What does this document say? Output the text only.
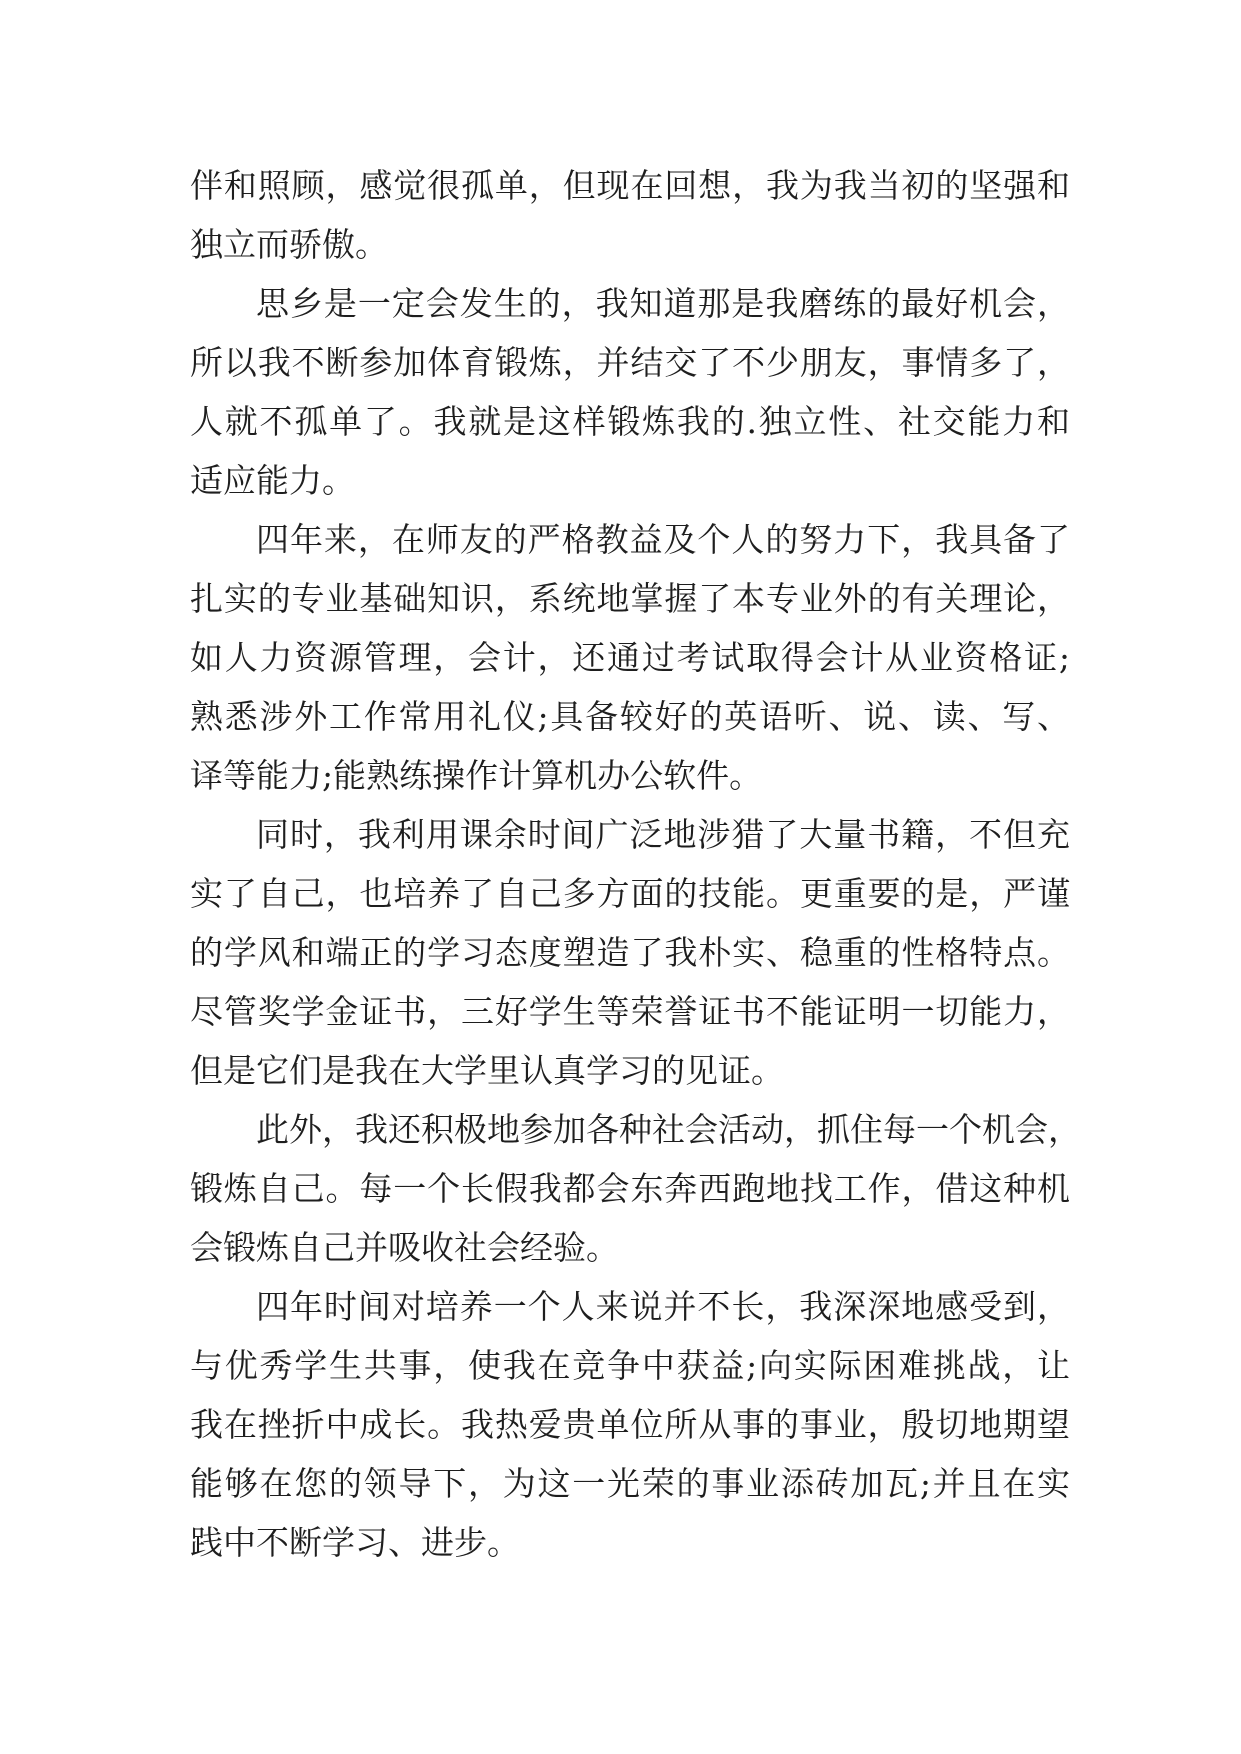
伴和照顾，感觉很孤单，但现在回想，我为我当初的坚强和
独立而骄傲。
思乡是一定会发生的，我知道那是我磨练的最好机会，
所以我不断参加体育锻炼，并结交了不少朋友，事情多了，
人就不孤单了。我就是这样锻炼我的.独立性、社交能力和
适应能力。
四年来，在师友的严格教益及个人的努力下，我具备了
扎实的专业基础知识，系统地掌握了本专业外的有关理论，
如人力资源管理，会计，还通过考试取得会计从业资格证;
熟悉涉外工作常用礼仪;具备较好的英语听、说、读、写、
译等能力;能熟练操作计算机办公软件。
同时，我利用课余时间广泛地涉猎了大量书籍，不但充
实了自己，也培养了自己多方面的技能。更重要的是，严谨
的学风和端正的学习态度塑造了我朴实、稳重的性格特点。
尽管奖学金证书，三好学生等荣誉证书不能证明一切能力，
但是它们是我在大学里认真学习的见证。
此外，我还积极地参加各种社会活动，抓住每一个机会，
锻炼自己。每一个长假我都会东奔西跑地找工作，借这种机
会锻炼自己并吸收社会经验。
四年时间对培养一个人来说并不长，我深深地感受到，
与优秀学生共事，使我在竞争中获益;向实际困难挑战，让
我在挫折中成长。我热爱贵单位所从事的事业，殷切地期望
能够在您的领导下，为这一光荣的事业添砖加瓦;并且在实
践中不断学习、进步。
